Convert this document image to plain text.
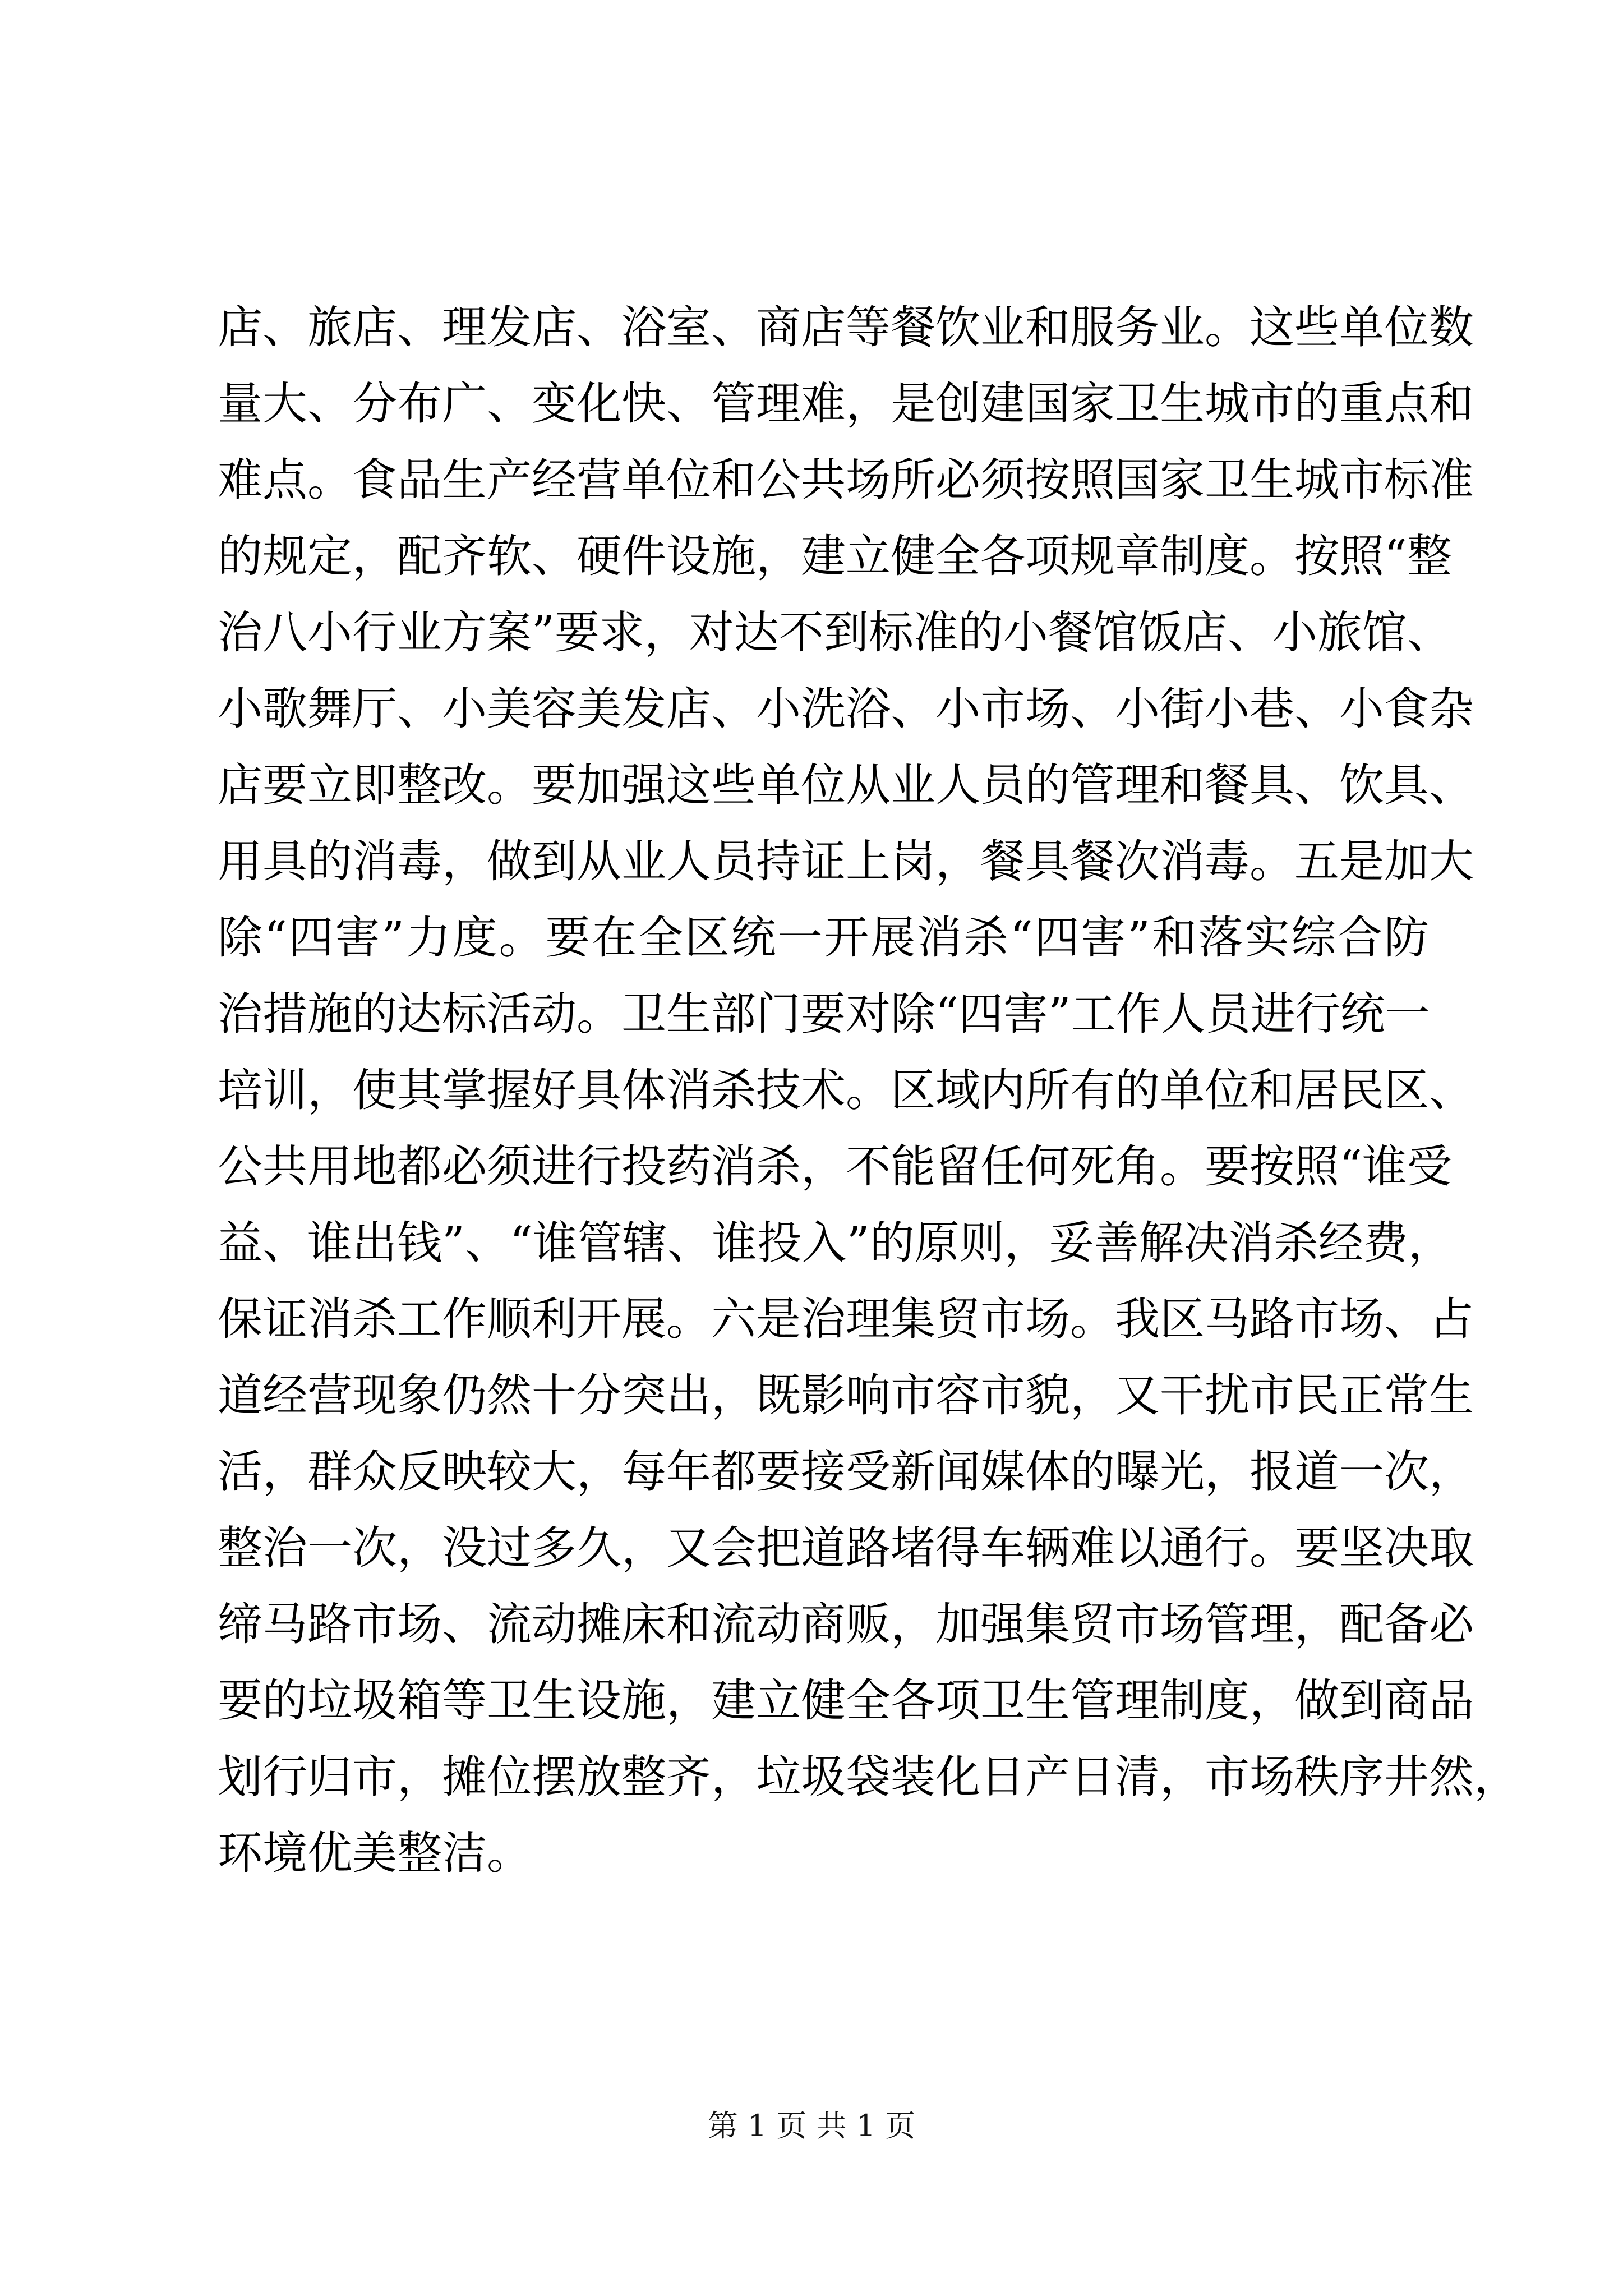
店、旅店、理发店、浴室、商店等餐饮业和服务业。这些单位数
量大、分布广、变化快、管理难，是创建国家卫生城市的重点和
难点。食品生产经营单位和公共场所必须按照国家卫生城市标准
的规定，配齐软、硬件设施，建立健全各项规章制度。按照“整
治八小行业方案”要求，对达不到标准的小餐馆饭店、小旅馆、
小歌舞厅、小美容美发店、小洗浴、小市场、小街小巷、小食杂
店要立即整改。要加强这些单位从业人员的管理和餐具、饮具、
用具的消毒，做到从业人员持证上岗，餐具餐次消毒。五是加大
除“四害”力度。要在全区统一开展消杀“四害”和落实综合防
治措施的达标活动。卫生部门要对除“四害”工作人员进行统一
培训，使其掌握好具体消杀技术。区域内所有的单位和居民区、
公共用地都必须进行投药消杀，不能留任何死角。要按照“谁受
益、谁出钱”、“谁管辖、谁投入”的原则，妥善解决消杀经费，
保证消杀工作顺利开展。六是治理集贸市场。我区马路市场、占
道经营现象仍然十分突出，既影响市容市貌，又干扰市民正常生
活，群众反映较大，每年都要接受新闻媒体的曝光，报道一次，
整治一次，没过多久，又会把道路堵得车辆难以通行。要坚决取
缔马路市场、流动摊床和流动商贩，加强集贸市场管理，配备必
要的垃圾箱等卫生设施，建立健全各项卫生管理制度，做到商品
划行归市，摊位摆放整齐，垃圾袋装化日产日清，市场秩序井然，
环境优美整洁。
第 1 页 共 1 页
